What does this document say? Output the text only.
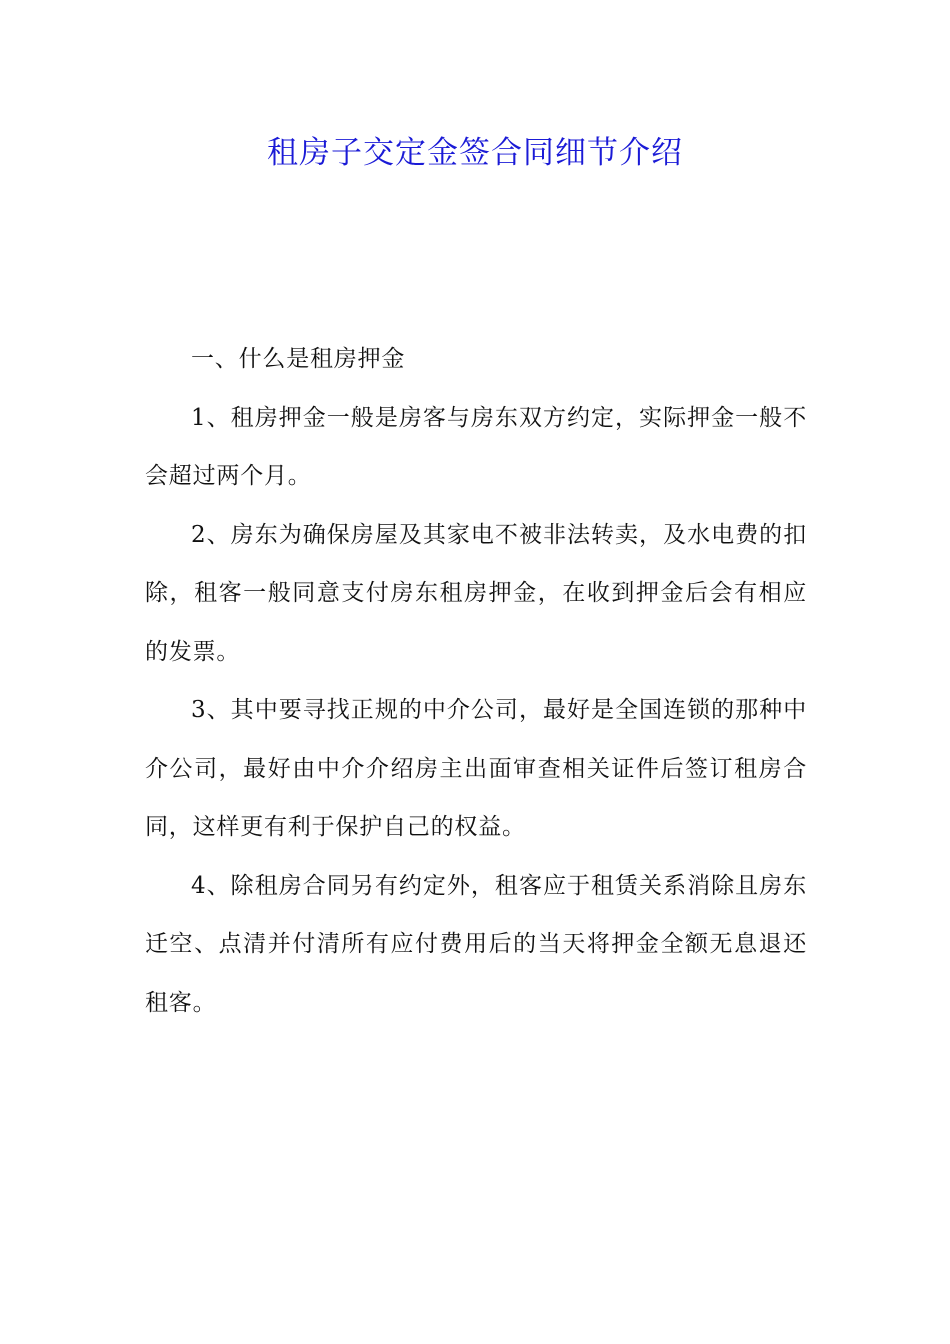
租房子交定金签合同细节介绍

一、什么是租房押金

1、租房押金一般是房客与房东双方约定，实际押金一般不会超过两个月。

2、房东为确保房屋及其家电不被非法转卖，及水电费的扣除，租客一般同意支付房东租房押金，在收到押金后会有相应的发票。

3、其中要寻找正规的中介公司，最好是全国连锁的那种中介公司，最好由中介介绍房主出面审查相关证件后签订租房合同，这样更有利于保护自己的权益。

4、除租房合同另有约定外，租客应于租赁关系消除且房东迁空、点清并付清所有应付费用后的当天将押金全额无息退还租客。
